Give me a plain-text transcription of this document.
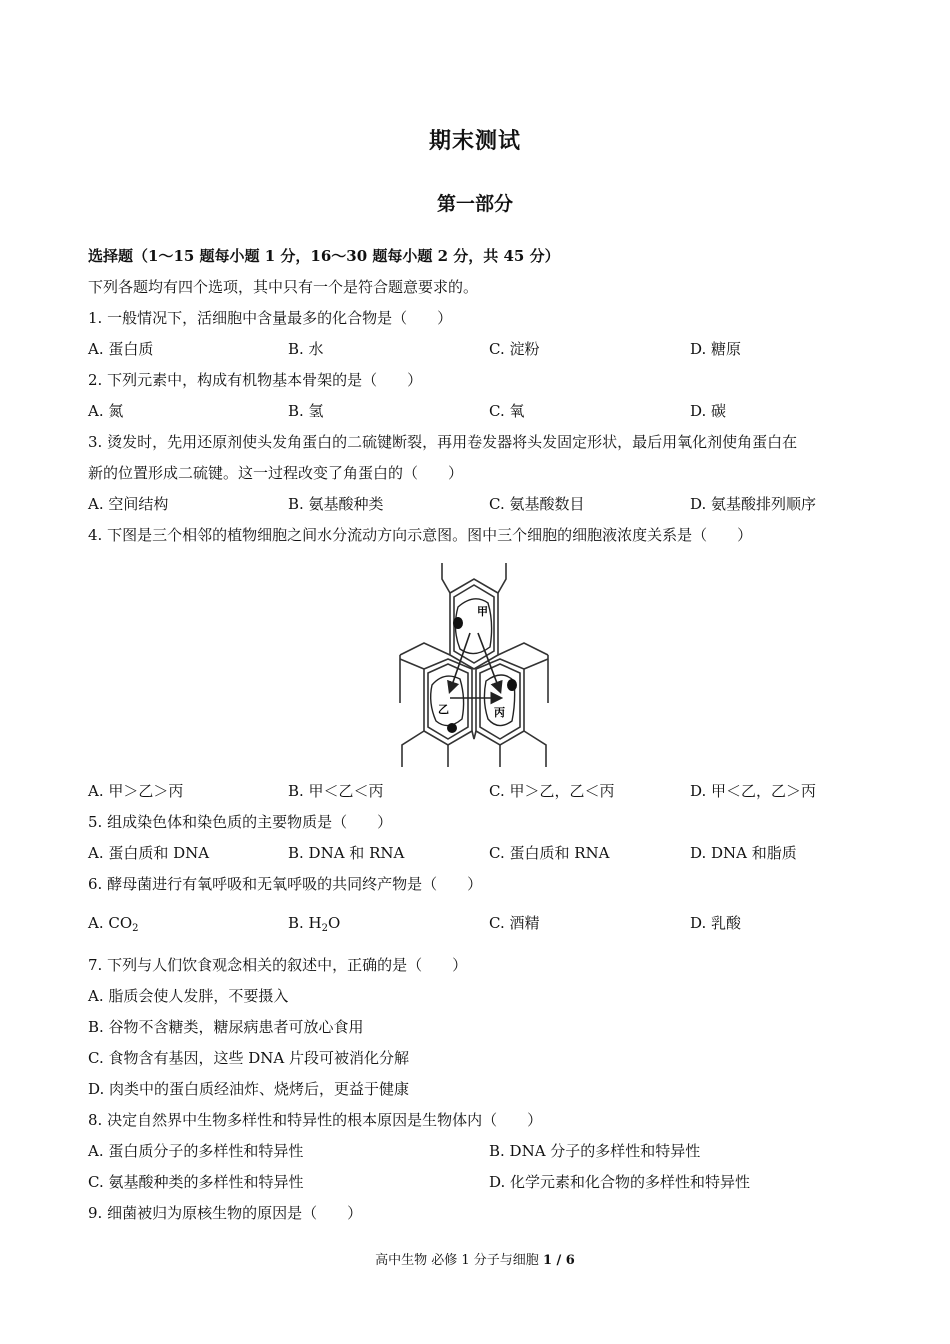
期末测试
第一部分
选择题（1～15 题每小题 1 分，16～30 题每小题 2 分，共 45 分）
下列各题均有四个选项，其中只有一个是符合题意要求的。
1. 一般情况下，活细胞中含量最多的化合物是（　　）
A. 蛋白质	B. 水	C. 淀粉	D. 糖原
2. 下列元素中，构成有机物基本骨架的是（　　）
A. 氮	B. 氢	C. 氧	D. 碳
3. 烫发时，先用还原剂使头发角蛋白的二硫键断裂，再用卷发器将头发固定形状，最后用氧化剂使角蛋白在
新的位置形成二硫键。这一过程改变了角蛋白的（　　）
A. 空间结构	B. 氨基酸种类	C. 氨基酸数目	D. 氨基酸排列顺序
4. 下图是三个相邻的植物细胞之间水分流动方向示意图。图中三个细胞的细胞液浓度关系是（　　）
甲
乙	丙
A. 甲＞乙＞丙	B. 甲＜乙＜丙	C. 甲＞乙，乙＜丙	D. 甲＜乙，乙＞丙
5. 组成染色体和染色质的主要物质是（　　）
A. 蛋白质和 DNA	B. DNA 和 RNA	C. 蛋白质和 RNA	D. DNA 和脂质
6. 酵母菌进行有氧呼吸和无氧呼吸的共同终产物是（　　）
A. $CO_2$	B. $H_2O$	C. 酒精	D. 乳酸
7. 下列与人们饮食观念相关的叙述中，正确的是（　　）
A. 脂质会使人发胖，不要摄入
B. 谷物不含糖类，糖尿病患者可放心食用
C. 食物含有基因，这些 DNA 片段可被消化分解
D. 肉类中的蛋白质经油炸、烧烤后，更益于健康
8. 决定自然界中生物多样性和特异性的根本原因是生物体内（　　）
A. 蛋白质分子的多样性和特异性	B. DNA 分子的多样性和特异性
C. 氨基酸种类的多样性和特异性	D. 化学元素和化合物的多样性和特异性
9. 细菌被归为原核生物的原因是（　　）
高中生物 必修 1 分子与细胞 1 / 6
